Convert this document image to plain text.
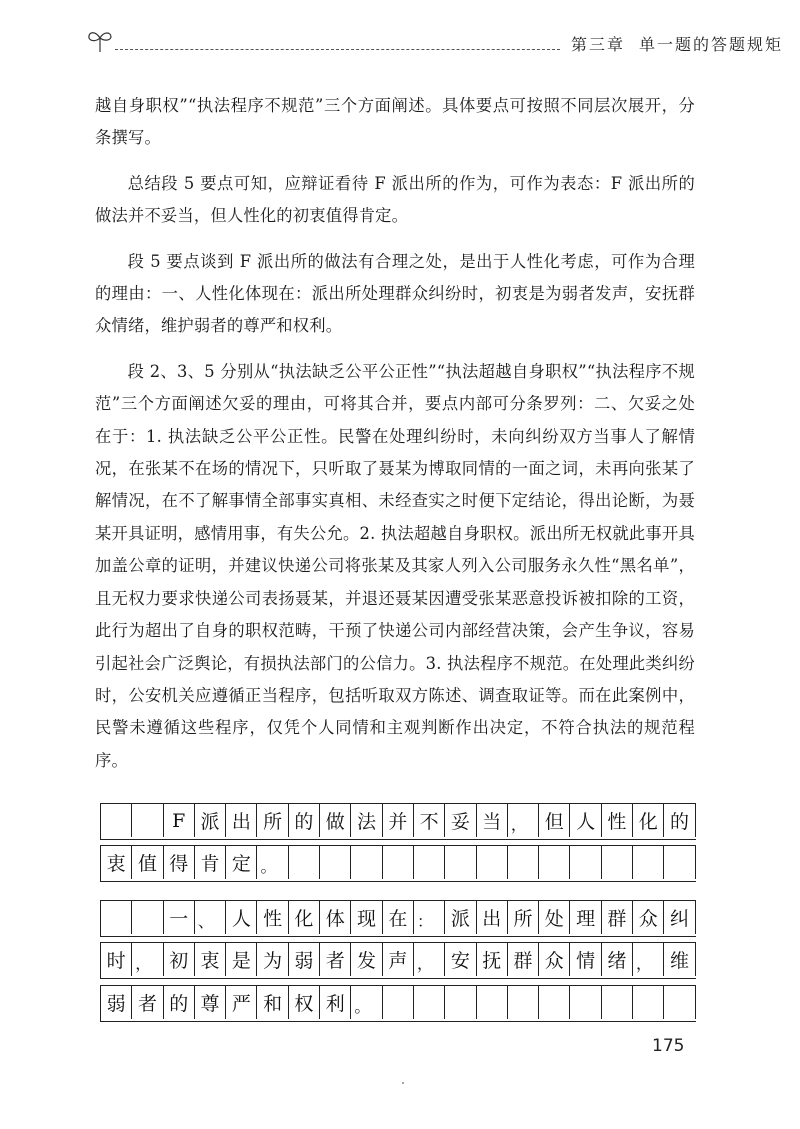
第三章 单一题的答题规矩

越自身职权”“执法程序不规范”三个方面阐述。具体要点可按照不同层次展开，分条撰写。

总结段 5 要点可知，应辩证看待 F 派出所的作为，可作为表态：F 派出所的做法并不妥当，但人性化的初衷值得肯定。

段 5 要点谈到 F 派出所的做法有合理之处，是出于人性化考虑，可作为合理的理由：一、人性化体现在：派出所处理群众纠纷时，初衷是为弱者发声，安抚群众情绪，维护弱者的尊严和权利。

段 2、3、5 分别从“执法缺乏公平公正性”“执法超越自身职权”“执法程序不规范”三个方面阐述欠妥的理由，可将其合并，要点内部可分条罗列：二、欠妥之处在于：1. 执法缺乏公平公正性。民警在处理纠纷时，未向纠纷双方当事人了解情况，在张某不在场的情况下，只听取了聂某为博取同情的一面之词，未再向张某了解情况，在不了解事情全部事实真相、未经查实之时便下定结论，得出论断，为聂某开具证明，感情用事，有失公允。2. 执法超越自身职权。派出所无权就此事开具加盖公章的证明，并建议快递公司将张某及其家人列入公司服务永久性“黑名单”，且无权力要求快递公司表扬聂某，并退还聂某因遭受张某恶意投诉被扣除的工资，此行为超出了自身的职权范畴，干预了快递公司内部经营决策，会产生争议，容易引起社会广泛舆论，有损执法部门的公信力。3. 执法程序不规范。在处理此类纠纷时，公安机关应遵循正当程序，包括听取双方陈述、调查取证等。而在此案例中，民警未遵循这些程序，仅凭个人同情和主观判断作出决定，不符合执法的规范程序。

F 派 出 所 的 做 法 并 不 妥 当 ， 但 人 性 化 的
衷 值 得 肯 定 。
一 、 人 性 化 体 现 在 ： 派 出 所 处 理 群 众 纠
时 ， 初 衷 是 为 弱 者 发 声 ， 安 抚 群 众 情 绪 ， 维
弱 者 的 尊 严 和 权 利 。
175
